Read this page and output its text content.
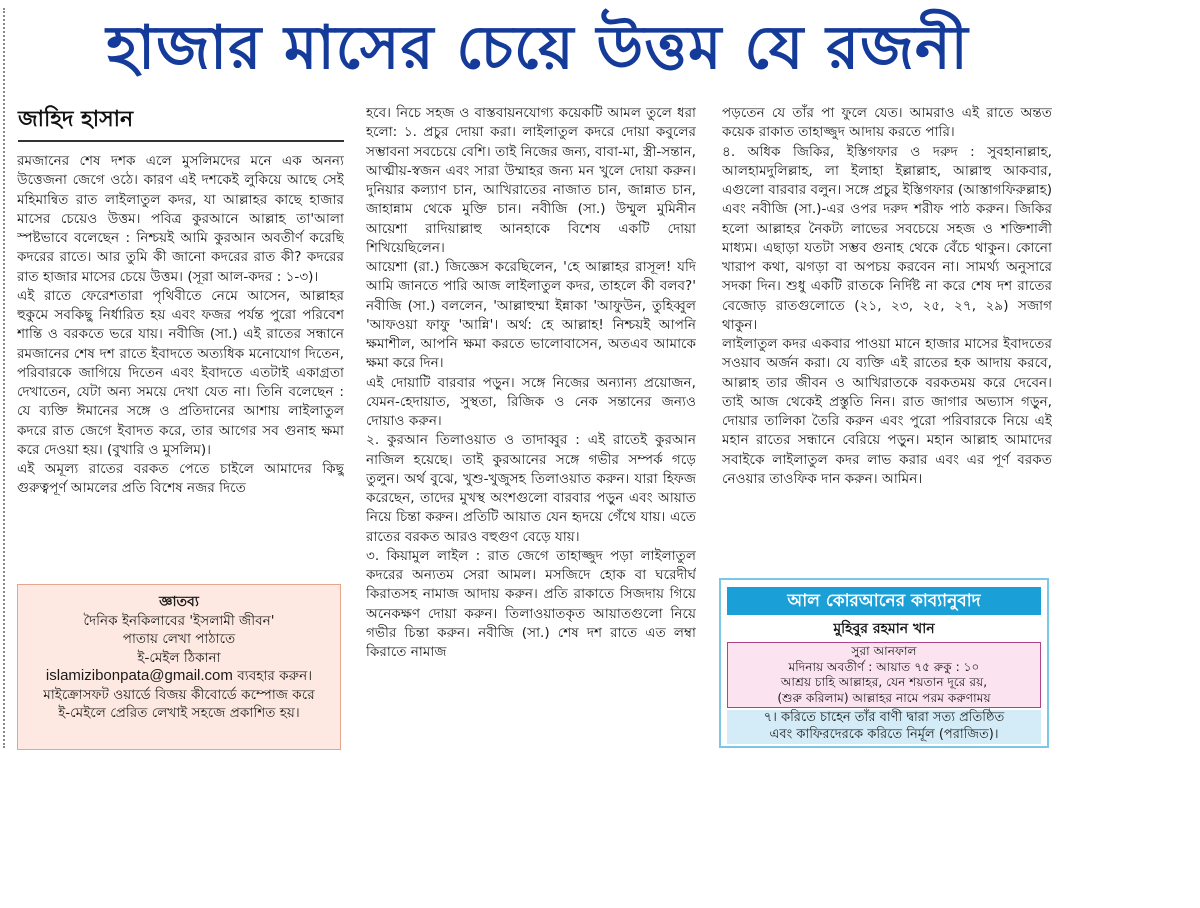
হাজার মাসের চেয়ে উত্তম যে রজনী
জাহিদ হাসান

রমজানের শেষ দশক এলে মুসলিমদের মনে এক অনন্য উত্তেজনা জেগে ওঠে। কারণ এই দশকেই লুকিয়ে আছে সেই মহিমান্বিত রাত লাইলাতুল কদর, যা আল্লাহর কাছে হাজার মাসের চেয়েও উত্তম। পবিত্র কুরআনে আল্লাহ তা'আলা স্পষ্টভাবে বলেছেন : নিশ্চয়ই আমি কুরআন অবতীর্ণ করেছি কদরের রাতে। আর তুমি কী জানো কদরের রাত কী? কদরের রাত হাজার মাসের চেয়ে উত্তম। (সূরা আল-কদর : ১-৩)।

এই রাতে ফেরেশতারা পৃথিবীতে নেমে আসেন, আল্লাহর হুকুমে সবকিছু নির্ধারিত হয় এবং ফজর পর্যন্ত পুরো পরিবেশ শান্তি ও বরকতে ভরে যায়। নবীজি (সা.) এই রাতের সন্ধানে রমজানের শেষ দশ রাতে ইবাদতে অত্যধিক মনোযোগ দিতেন, পরিবারকে জাগিয়ে দিতেন এবং ইবাদতে এতটাই একাগ্রতা দেখাতেন, যেটা অন্য সময়ে দেখা যেত না। তিনি বলেছেন : যে ব্যক্তি ঈমানের সঙ্গে ও প্রতিদানের আশায় লাইলাতুল কদরে রাত জেগে ইবাদত করে, তার আগের সব গুনাহ ক্ষমা করে দেওয়া হয়। (বুখারি ও মুসলিম)।

এই অমূল্য রাতের বরকত পেতে চাইলে আমাদের কিছু গুরুত্বপূর্ণ আমলের প্রতি বিশেষ নজর দিতে

জ্ঞাতব্য

দৈনিক ইনকিলাবের 'ইসলামী জীবন'

পাতায় লেখা পাঠাতে

ই-মেইল ঠিকানা

islamizibonpata@gmail.com ব্যবহার করুন।

মাইক্রোসফট ওয়ার্ডে বিজয় কীবোর্ডে কম্পোজ করে

ই-মেইলে প্রেরিত লেখাই সহজে প্রকাশিত হয়।

হবে। নিচে সহজ ও বাস্তবায়নযোগ্য কয়েকটি আমল তুলে ধরা হলো: ১. প্রচুর দোয়া করা। লাইলাতুল কদরে দোয়া কবুলের সম্ভাবনা সবচেয়ে বেশি। তাই নিজের জন্য, বাবা-মা, স্ত্রী-সন্তান, আত্মীয়-স্বজন এবং সারা উম্মাহর জন্য মন খুলে দোয়া করুন। দুনিয়ার কল্যাণ চান, আখিরাতের নাজাত চান, জান্নাত চান, জাহান্নাম থেকে মুক্তি চান। নবীজি (সা.) উম্মুল মুমিনীন আয়েশা রাদিয়াল্লাহু আনহাকে বিশেষ একটি দোয়া শিখিয়েছিলেন।

আয়েশা (রা.) জিজ্ঞেস করেছিলেন, 'হে আল্লাহর রাসূল! যদি আমি জানতে পারি আজ লাইলাতুল কদর, তাহলে কী বলব?' নবীজি (সা.) বললেন, 'আল্লাহুম্মা ইন্নাকা 'আফুউন, তুহিব্বুল 'আফওয়া ফাফু 'আন্নি'। অর্থ: হে আল্লাহ! নিশ্চয়ই আপনি ক্ষমাশীল, আপনি ক্ষমা করতে ভালোবাসেন, অতএব আমাকে ক্ষমা করে দিন।

এই দোয়াটি বারবার পড়ুন। সঙ্গে নিজের অন্যান্য প্রয়োজন, যেমন-হেদায়াত, সুস্থতা, রিজিক ও নেক সন্তানের জন্যও দোয়াও করুন।

২. কুরআন তিলাওয়াত ও তাদাব্বুর : এই রাতেই কুরআন নাজিল হয়েছে। তাই কুরআনের সঙ্গে গভীর সম্পর্ক গড়ে তুলুন। অর্থ বুঝে, খুশু-খুজুসহ তিলাওয়াত করুন। যারা হিফজ করেছেন, তাদের মুখস্থ অংশগুলো বারবার পড়ুন এবং আয়াত নিয়ে চিন্তা করুন। প্রতিটি আয়াত যেন হৃদয়ে গেঁথে যায়। এতে রাতের বরকত আরও বহুগুণ বেড়ে যায়।

৩. কিয়ামুল লাইল : রাত জেগে তাহাজ্জুদ পড়া লাইলাতুল কদরের অন্যতম সেরা আমল। মসজিদে হোক বা ঘরেদীর্ঘ কিরাতসহ নামাজ আদায় করুন। প্রতি রাকাতে সিজদায় গিয়ে অনেকক্ষণ দোয়া করুন। তিলাওয়াতকৃত আয়াতগুলো নিয়ে গভীর চিন্তা করুন। নবীজি (সা.) শেষ দশ রাতে এত লম্বা কিরাতে নামাজ

পড়তেন যে তাঁর পা ফুলে যেত। আমরাও এই রাতে অন্তত কয়েক রাকাত তাহাজ্জুদ আদায় করতে পারি।

৪. অধিক জিকির, ইস্তিগফার ও দরুদ : সুবহানাল্লাহ, আলহামদুলিল্লাহ, লা ইলাহা ইল্লাল্লাহ, আল্লাহু আকবার, এগুলো বারবার বলুন। সঙ্গে প্রচুর ইস্তিগফার (আস্তাগফিরুল্লাহ) এবং নবীজি (সা.)-এর ওপর দরুদ শরীফ পাঠ করুন। জিকির হলো আল্লাহর নৈকট্য লাভের সবচেয়ে সহজ ও শক্তিশালী মাধ্যম। এছাড়া যতটা সম্ভব গুনাহ থেকে বেঁচে থাকুন। কোনো খারাপ কথা, ঝগড়া বা অপচয় করবেন না। সামর্থ্য অনুসারে সদকা দিন। শুধু একটি রাতকে নির্দিষ্ট না করে শেষ দশ রাতের বেজোড় রাতগুলোতে (২১, ২৩, ২৫, ২৭, ২৯) সজাগ থাকুন।

লাইলাতুল কদর একবার পাওয়া মানে হাজার মাসের ইবাদতের সওয়াব অর্জন করা। যে ব্যক্তি এই রাতের হক আদায় করবে, আল্লাহ তার জীবন ও আখিরাতকে বরকতময় করে দেবেন। তাই আজ থেকেই প্রস্তুতি নিন। রাত জাগার অভ্যাস গড়ুন, দোয়ার তালিকা তৈরি করুন এবং পুরো পরিবারকে নিয়ে এই মহান রাতের সন্ধানে বেরিয়ে পড়ুন। মহান আল্লাহ আমাদের সবাইকে লাইলাতুল কদর লাভ করার এবং এর পূর্ণ বরকত নেওয়ার তাওফিক দান করুন। আমিন।

আল কোরআনের কাব্যানুবাদ
মুহিবুর রহমান খান

সুরা আনফাল

মদিনায় অবতীর্ণ : আয়াত ৭৫ রুকু : ১০

আশ্রয় চাহি আল্লাহর, যেন শয়তান দূরে রয়,

(শুরু করিলাম) আল্লাহর নামে পরম করুণাময়

৭। করিতে চাহেন তাঁর বাণী দ্বারা সত্য প্রতিষ্ঠিত

এবং কাফিরদেরকে করিতে নির্মূল (পরাজিত)।
